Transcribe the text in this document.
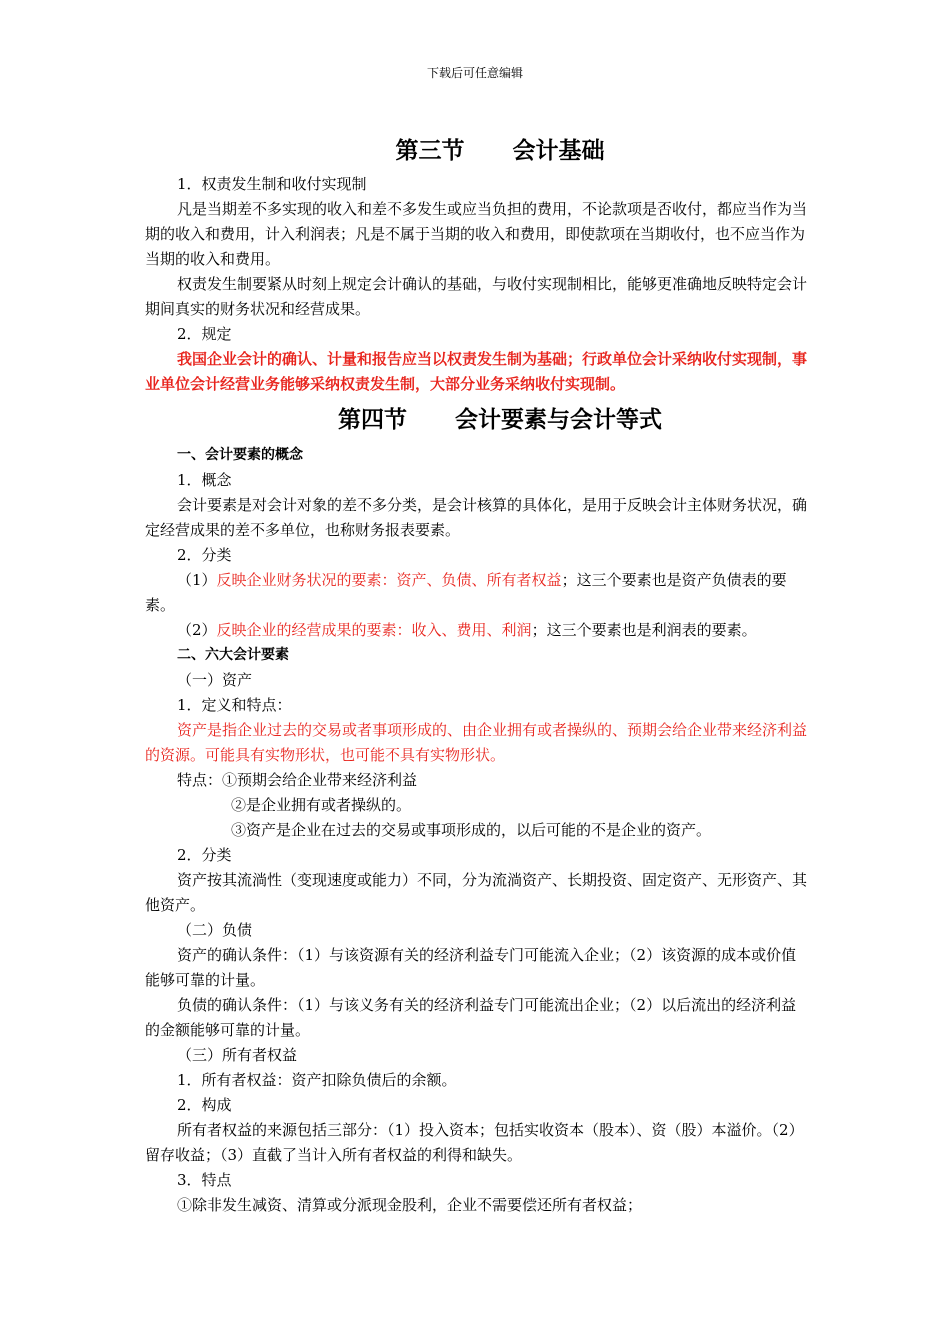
下载后可任意编辑
第三节 会计基础

1．权责发生制和收付实现制

凡是当期差不多实现的收入和差不多发生或应当负担的费用，不论款项是否收付，都应当作为当期的收入和费用，计入利润表；凡是不属于当期的收入和费用，即使款项在当期收付，也不应当作为当期的收入和费用。

权责发生制要紧从时刻上规定会计确认的基础，与收付实现制相比，能够更准确地反映特定会计期间真实的财务状况和经营成果。

2．规定

我国企业会计的确认、计量和报告应当以权责发生制为基础；行政单位会计采纳收付实现制，事业单位会计经营业务能够采纳权责发生制，大部分业务采纳收付实现制。

第四节 会计要素与会计等式

一、会计要素的概念

1．概念

会计要素是对会计对象的差不多分类，是会计核算的具体化，是用于反映会计主体财务状况，确定经营成果的差不多单位，也称财务报表要素。

2．分类

（1）反映企业财务状况的要素：资产、负债、所有者权益；这三个要素也是资产负债表的要素。

（2）反映企业的经营成果的要素：收入、费用、利润；这三个要素也是利润表的要素。

二、六大会计要素

（一）资产

1．定义和特点：

资产是指企业过去的交易或者事项形成的、由企业拥有或者操纵的、预期会给企业带来经济利益的资源。可能具有实物形状，也可能不具有实物形状。

特点：①预期会给企业带来经济利益

②是企业拥有或者操纵的。

③资产是企业在过去的交易或事项形成的，以后可能的不是企业的资产。

2．分类

资产按其流淌性（变现速度或能力）不同，分为流淌资产、长期投资、固定资产、无形资产、其他资产。

（二）负债

资产的确认条件：（1）与该资源有关的经济利益专门可能流入企业；（2）该资源的成本或价值能够可靠的计量。

负债的确认条件：（1）与该义务有关的经济利益专门可能流出企业；（2）以后流出的经济利益的金额能够可靠的计量。

（三）所有者权益

1．所有者权益：资产扣除负债后的余额。

2．构成

所有者权益的来源包括三部分：（1）投入资本；包括实收资本（股本）、资（股）本溢价。（2）留存收益；（3）直截了当计入所有者权益的利得和缺失。

3．特点

①除非发生减资、清算或分派现金股利，企业不需要偿还所有者权益；
